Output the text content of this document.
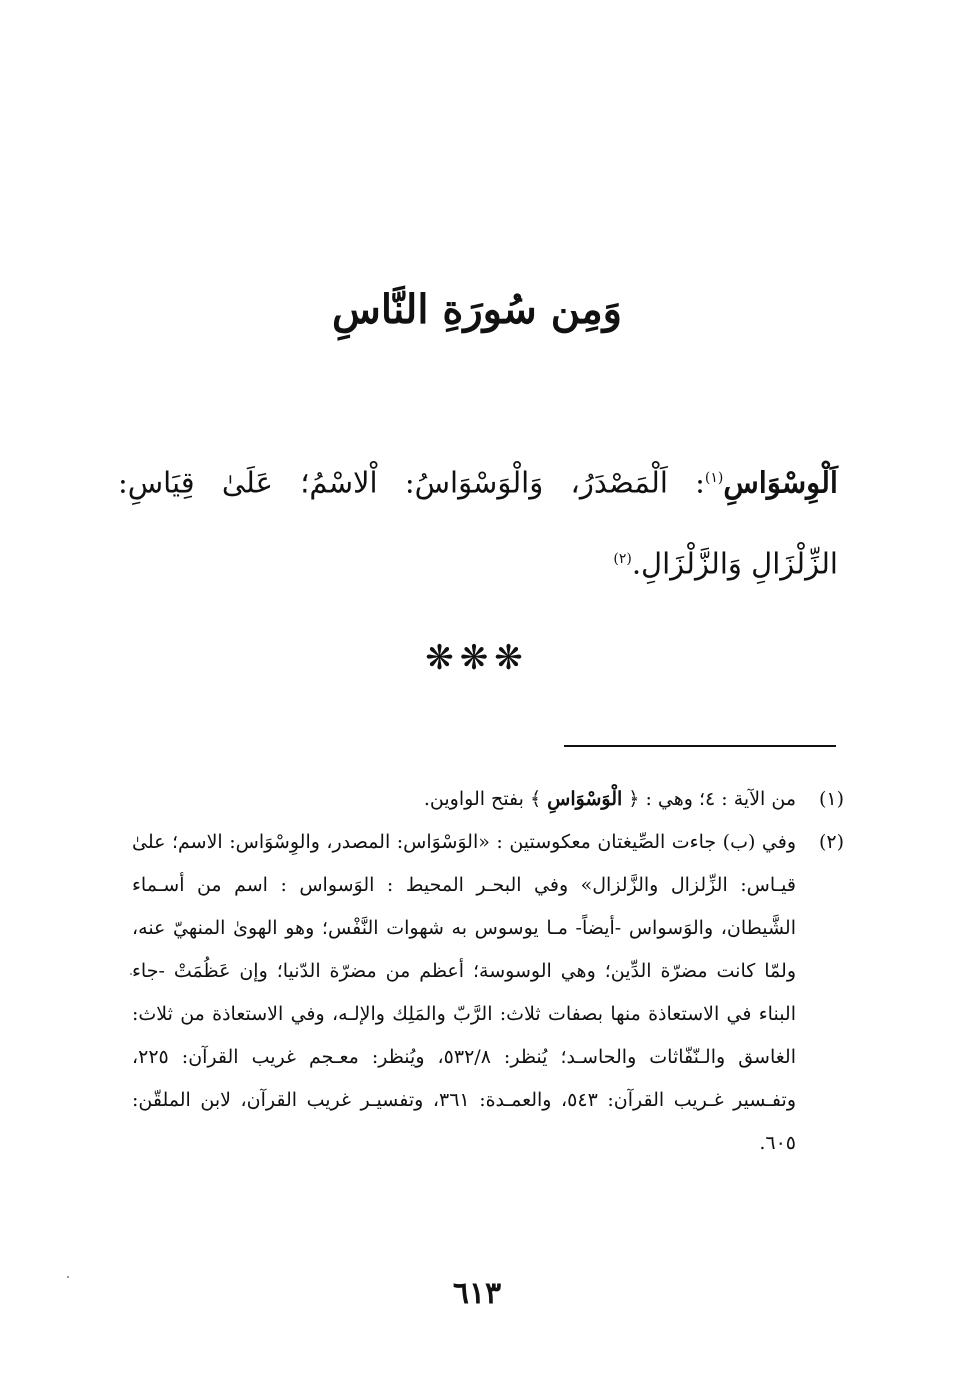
وَمِن سُورَةِ النَّاسِ
اَلْوِسْوَاسِ$^{(١)}$: اَلْمَصْدَرُ، وَالْوَسْوَاسُ: اْلاسْمُ؛ عَلَىٰ قِيَاسِ: الزِّلْزَالِ وَالزَّلْزَالِ.$^{(٢)}$
❋❋❋
(١)
من الآية : ٤؛ وهي : ﴿ الْوَسْوَاسِ ﴾ بفتح الواوين.
(٢)
وفي (ب) جاءت الصِّيغتان معكوستين : «الوَسْوَاس: المصدر، والوِسْوَاس: الاسم؛ علىٰ قيـاس: الزِّلزال والزَّلزال» وفي البحـر المحيط : الوَسواس : اسم من أسـماء الشَّيطان، والوَسواس -أيضاً- مـا يوسوس به شهوات النَّفْس؛ وهو الهوىٰ المنهيّ عنه، ولمّا كانت مضرّة الدِّين؛ وهي الوسوسة؛ أعظم من مضرّة الدّنيا؛ وإن عَظُمَتْ -جاء البناء في الاستعاذة منها بصفات ثلاث: الرَّبّ والمَلِك والإلـه، وفي الاستعاذة من ثلاث: الغاسق والـنّفّاثات والحاسـد؛ يُنظر: ٥٣٢/٨، ويُنظر: معـجم غريب القرآن: ٢٢٥، وتفـسير غـريب القرآن: ٥٤٣، والعمـدة: ٣٦١، وتفسيـر غريب القرآن، لابن الملقّن: ٦٠٥.
٦١٣
